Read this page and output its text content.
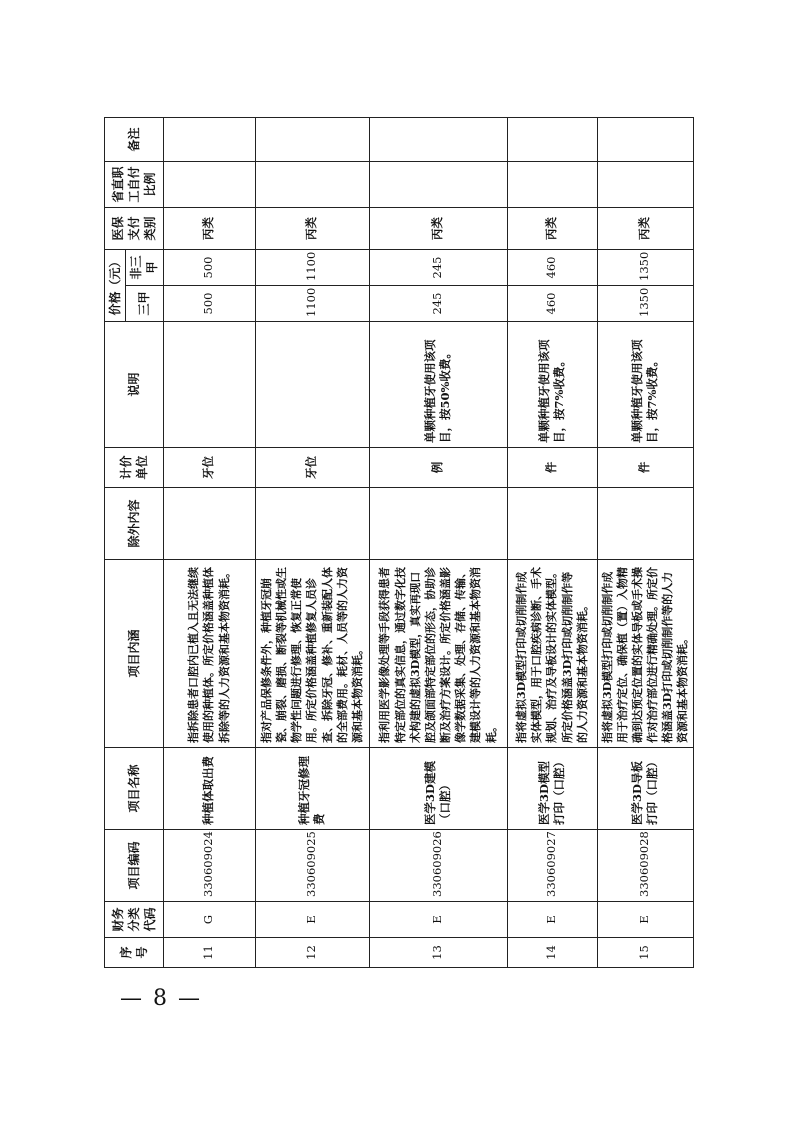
序号	财务分类代码	项目编码	项目名称	项目内涵	除外内容	计价单位	说明	价格（元）		医保支付类别	省直职工自付比例	备注
								三甲	非三甲			
11	G	330609024	种植体取出费	指拆除患者口腔内已植入且无法继续使用的种植体。所定价格涵盖种植体拆除等的人力资源和基本物资消耗。		牙位		500	500	丙类		
12	E	330609025	种植牙冠修理费	指对产品保修条件外，种植牙冠崩瓷、崩裂、磨损、断裂等机械性或生物学性问题进行修理、恢复正常使用。所定价格涵盖种植修复人员诊查、拆除牙冠、修补、重新装配人体的全部费用。耗材、人员等的人力资源和基本物资消耗。		牙位		1100	1100	丙类		
13	E	330609026	医学3D建模（口腔）	指利用医学影像处理等手段获得患者特定部位的真实信息，通过数字化技术构建的虚拟3D模型，真实再现口腔及颌面部特定部位的形态，协助诊断及治疗方案设计。所定价格涵盖影像学数据采集、处理、存储、传输、建模设计等的人力资源和基本物资消耗。		例	单颗种植牙使用该项目，按50%收费。	245	245	丙类		
14	E	330609027	医学3D模型打印（口腔）	指将虚拟3D模型打印或切削制作成实体模型，用于口腔疾病诊断、手术规划、治疗及导板设计的实体模型。所定价格涵盖3D打印或切削制作等的人力资源和基本物资消耗。		件	单颗种植牙使用该项目，按7%收费。	460	460	丙类		
15	E	330609028	医学3D导板打印（口腔）	指将虚拟3D模型打印或切削制作成用于治疗定位、确保植（置）入物精确到达预定位置的实体导板或手术操作对治疗部位进行精确处理。所定价格涵盖3D打印或切削制作等的人力资源和基本物资消耗。		件	单颗种植牙使用该项目，按7%收费。	1350	1350	丙类		
— 8 —
